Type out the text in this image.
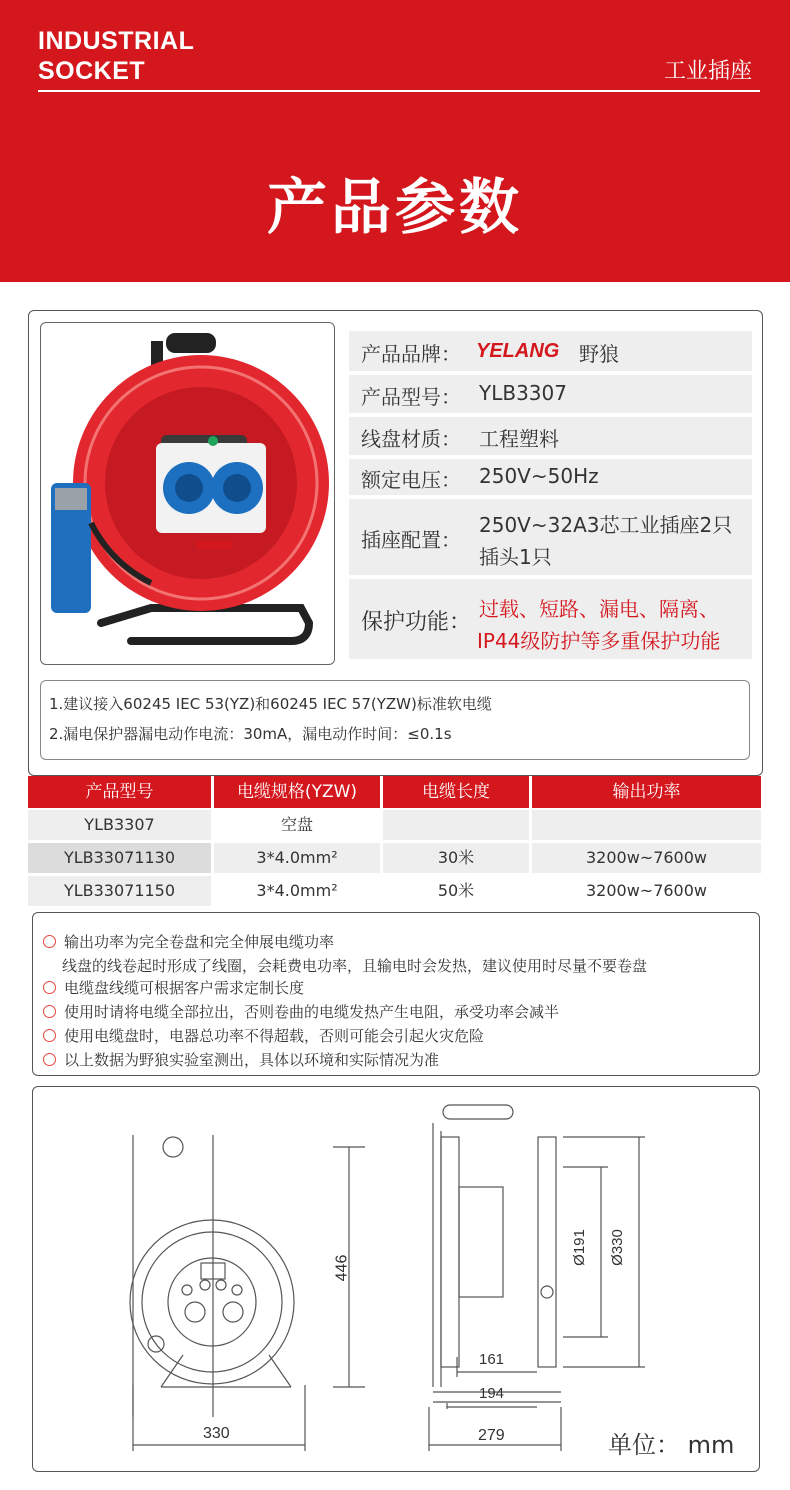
INDUSTRIAL
SOCKET	工业插座
产品参数
产品品牌： YELANG 野狼
产品型号： YLB3307
线盘材质： 工程塑料
额定电压： 250V~50Hz
插座配置：
250V~32A3芯工业插座2只
插头1只
保护功能：
过载、短路、漏电、隔离、
IP44级防护等多重保护功能
1.建议接入60245 IEC 53(YZ)和60245 IEC 57(YZW)标准软电缆
2.漏电保护器漏电动作电流：30mA，漏电动作时间：≤0.1s
产品型号	电缆规格(YZW)	电缆长度	输出功率
YLB3307	空盘
YLB33071130	3*4.0mm²	30米	3200w~7600w
YLB33071150	3*4.0mm²	50米	3200w~7600w
输出功率为完全卷盘和完全伸展电缆功率
线盘的线卷起时形成了线圈，会耗费电功率，且输电时会发热，建议使用时尽量不要卷盘
电缆盘线缆可根据客户需求定制长度
使用时请将电缆全部拉出，否则卷曲的电缆发热产生电阻，承受功率会减半
使用电缆盘时，电器总功率不得超载，否则可能会引起火灾危险
以上数据为野狼实验室测出，具体以环境和实际情况为准
330
446
161
194
279
Ø191 Ø330
单位： mm
